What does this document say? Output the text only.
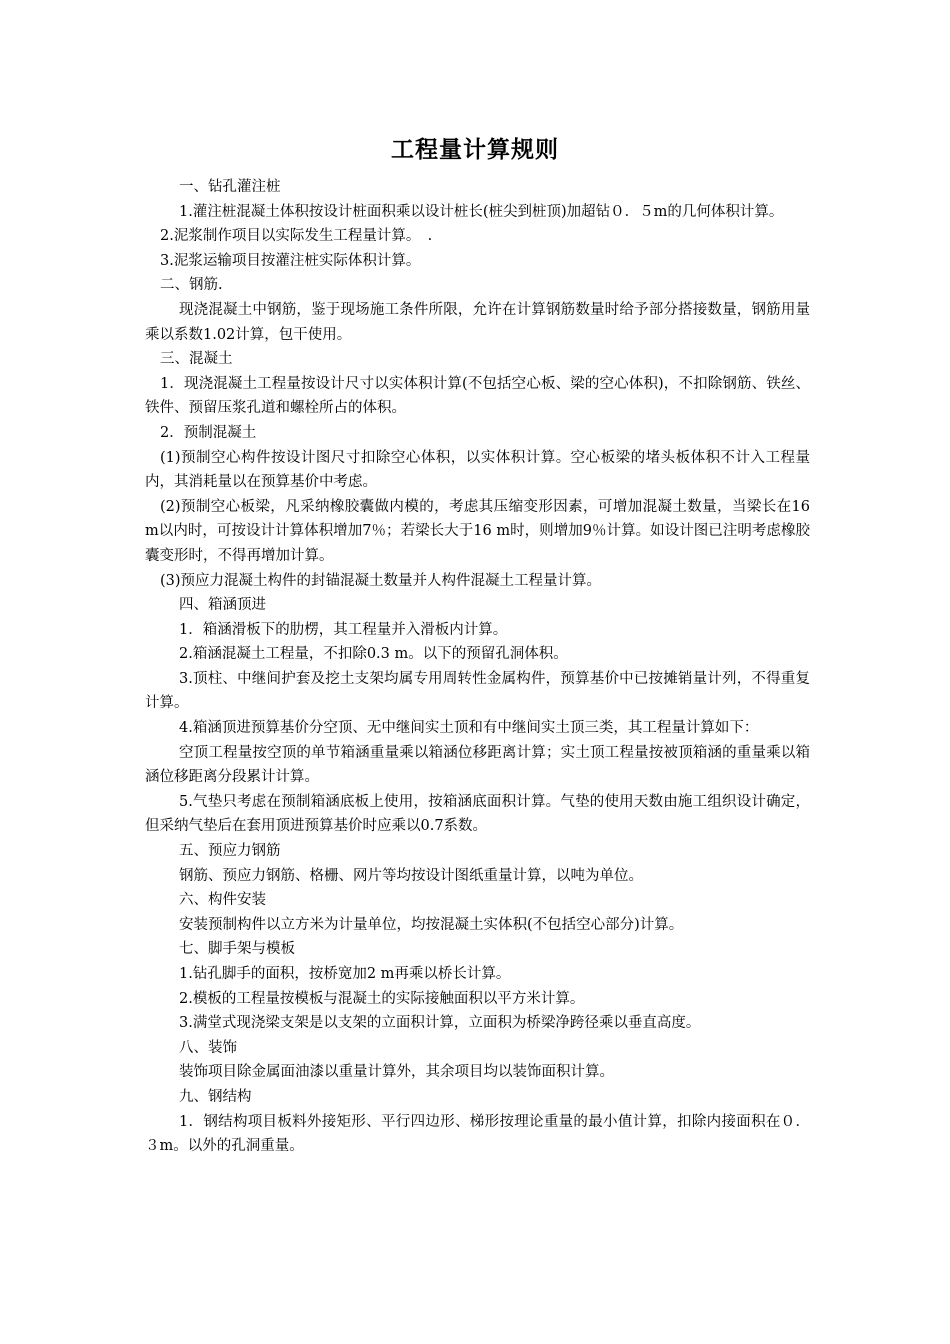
工程量计算规则

一、钻孔灌注桩

1.灌注桩混凝土体积按设计桩面积乘以设计桩长(桩尖到桩顶)加超钻０．５m的几何体积计算。

2.泥浆制作项目以实际发生工程量计算。　.

3.泥浆运输项目按灌注桩实际体积计算。

二、钢筋.

现浇混凝土中钢筋，鉴于现场施工条件所限，允许在计算钢筋数量时给予部分搭接数量，钢筋用量乘以系数1.02计算，包干使用。

三、混凝土

1．现浇混凝土工程量按设计尺寸以实体积计算(不包括空心板、梁的空心体积)，不扣除钢筋、铁丝、铁件、预留压浆孔道和螺栓所占的体积。

2．预制混凝土

(1)预制空心构件按设计图尺寸扣除空心体积，以实体积计算。空心板梁的堵头板体积不计入工程量内，其消耗量以在预算基价中考虑。

(2)预制空心板梁，凡采纳橡胶囊做内模的，考虑其压缩变形因素，可增加混凝土数量，当梁长在16 m以内时，可按设计计算体积增加7％；若梁长大于16 m时，则增加9％计算。如设计图已注明考虑橡胶囊变形时，不得再增加计算。

(3)预应力混凝土构件的封锚混凝土数量并人构件混凝土工程量计算。

四、箱涵顶进

1．箱涵滑板下的肋楞，其工程量并入滑板内计算。

2.箱涵混凝土工程量，不扣除0.3 m。以下的预留孔洞体积。

3.顶柱、中继间护套及挖土支架均属专用周转性金属构件，预算基价中已按摊销量计列，不得重复计算。

4.箱涵顶进预算基价分空顶、无中继间实土顶和有中继间实土顶三类，其工程量计算如下：

空顶工程量按空顶的单节箱涵重量乘以箱涵位移距离计算；实土顶工程量按被顶箱涵的重量乘以箱涵位移距离分段累计计算。

5.气垫只考虑在预制箱涵底板上使用，按箱涵底面积计算。气垫的使用天数由施工组织设计确定，但采纳气垫后在套用顶进预算基价时应乘以0.7系数。

五、预应力钢筋

钢筋、预应力钢筋、格栅、网片等均按设计图纸重量计算，以吨为单位。

六、构件安装

安装预制构件以立方米为计量单位，均按混凝土实体积(不包括空心部分)计算。

七、脚手架与模板

1.钻孔脚手的面积，按桥宽加2 m再乘以桥长计算。

2.模板的工程量按模板与混凝土的实际接触面积以平方米计算。

3.满堂式现浇梁支架是以支架的立面积计算，立面积为桥梁净跨径乘以垂直高度。

八、装饰

装饰项目除金属面油漆以重量计算外，其余项目均以装饰面积计算。

九、钢结构

1．钢结构项目板料外接矩形、平行四边形、梯形按理论重量的最小值计算，扣除内接面积在０．３m。以外的孔洞重量。
